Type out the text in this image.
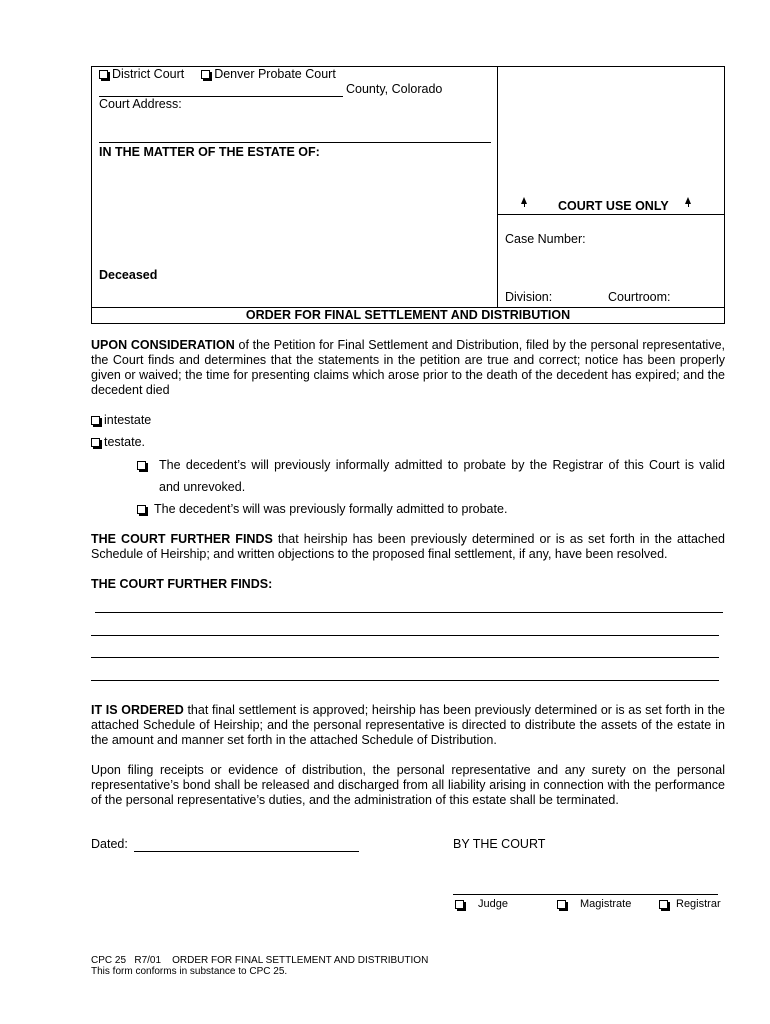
District Court Denver Probate Court
County, Colorado
Court Address:
IN THE MATTER OF THE ESTATE OF:
Deceased
COURT USE ONLY
Case Number:
Division:	Courtroom:
ORDER FOR FINAL SETTLEMENT AND DISTRIBUTION
UPON CONSIDERATION of the Petition for Final Settlement and Distribution, filed by the personal representative, the Court finds and determines that the statements in the petition are true and correct; notice has been properly given or waived; the time for presenting claims which arose prior to the death of the decedent has expired; and the decedent died
intestate
testate.
The decedent’s will previously informally admitted to probate by the Registrar of this Court is valid
and unrevoked.
The decedent’s will was previously formally admitted to probate.
THE COURT FURTHER FINDS that heirship has been previously determined or is as set forth in the attached Schedule of Heirship; and written objections to the proposed final settlement, if any, have been resolved.
THE COURT FURTHER FINDS:
IT IS ORDERED that final settlement is approved; heirship has been previously determined or is as set forth in the attached Schedule of Heirship; and the personal representative is directed to distribute the assets of the estate in the amount and manner set forth in the attached Schedule of Distribution.
Upon filing receipts or evidence of distribution, the personal representative and any surety on the personal representative’s bond shall be released and discharged from all liability arising in connection with the performance of the personal representative’s duties, and the administration of this estate shall be terminated.
Dated:	BY THE COURT
Judge	Magistrate	Registrar
CPC 25   R7/01    ORDER FOR FINAL SETTLEMENT AND DISTRIBUTION
This form conforms in substance to CPC 25.
